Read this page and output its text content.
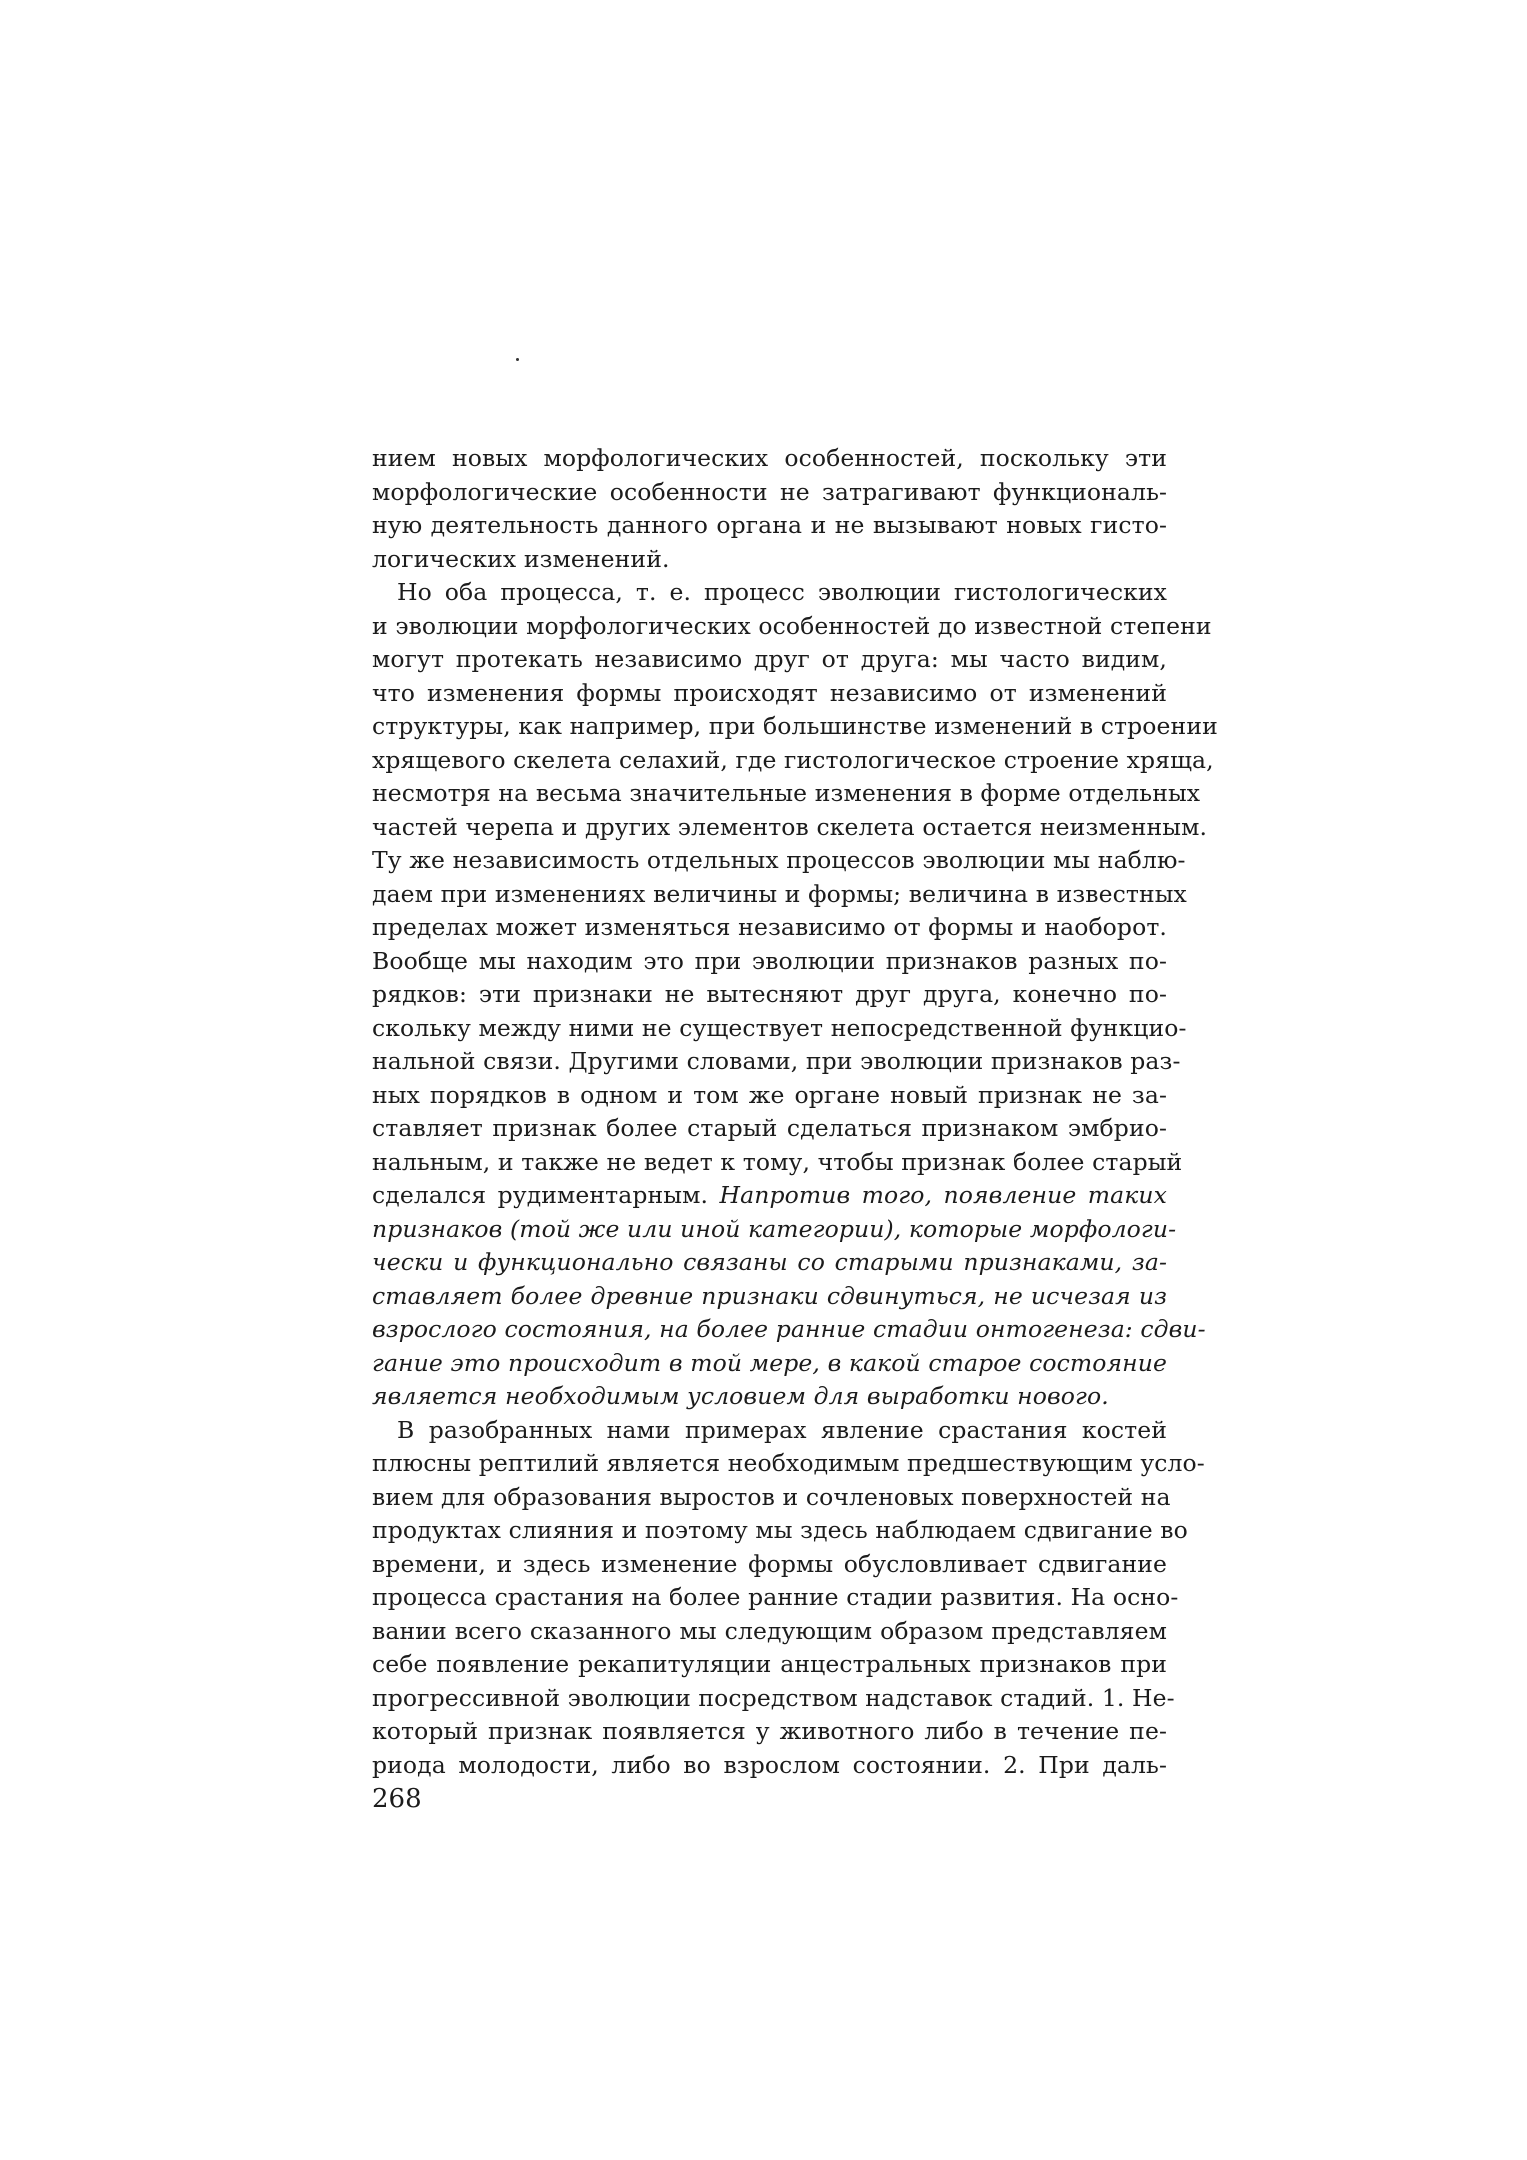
нием новых морфологических особенностей, поскольку эти
морфологические особенности не затрагивают функциональ-
ную деятельность данного органа и не вызывают новых гисто-
логических изменений.
Но оба процесса, т. е. процесс эволюции гистологических
и эволюции морфологических особенностей до известной степени
могут протекать независимо друг от друга: мы часто видим,
что изменения формы происходят независимо от изменений
структуры, как например, при большинстве изменений в строении
хрящевого скелета селахий, где гистологическое строение хряща,
несмотря на весьма значительные изменения в форме отдельных
частей черепа и других элементов скелета остается неизменным.
Ту же независимость отдельных процессов эволюции мы наблю-
даем при изменениях величины и формы; величина в известных
пределах может изменяться независимо от формы и наоборот.
Вообще мы находим это при эволюции признаков разных по-
рядков: эти признаки не вытесняют друг друга, конечно по-
скольку между ними не существует непосредственной функцио-
нальной связи. Другими словами, при эволюции признаков раз-
ных порядков в одном и том же органе новый признак не за-
ставляет признак более старый сделаться признаком эмбрио-
нальным, и также не ведет к тому, чтобы признак более старый
сделался рудиментарным. Напротив того, появление таких
признаков (той же или иной категории), которые морфологи-
чески и функционально связаны со старыми признаками, за-
ставляет более древние признаки сдвинуться, не исчезая из
взрослого состояния, на более ранние стадии онтогенеза: сдви-
гание это происходит в той мере, в какой старое состояние
является необходимым условием для выработки нового.
В разобранных нами примерах явление срастания костей
плюсны рептилий является необходимым предшествующим усло-
вием для образования выростов и сочленовых поверхностей на
продуктах слияния и поэтому мы здесь наблюдаем сдвигание во
времени, и здесь изменение формы обусловливает сдвигание
процесса срастания на более ранние стадии развития. На осно-
вании всего сказанного мы следующим образом представляем
себе появление рекапитуляции анцестральных признаков при
прогрессивной эволюции посредством надставок стадий. 1. Не-
который признак появляется у животного либо в течение пе-
риода молодости, либо во взрослом состоянии. 2. При даль-
268
